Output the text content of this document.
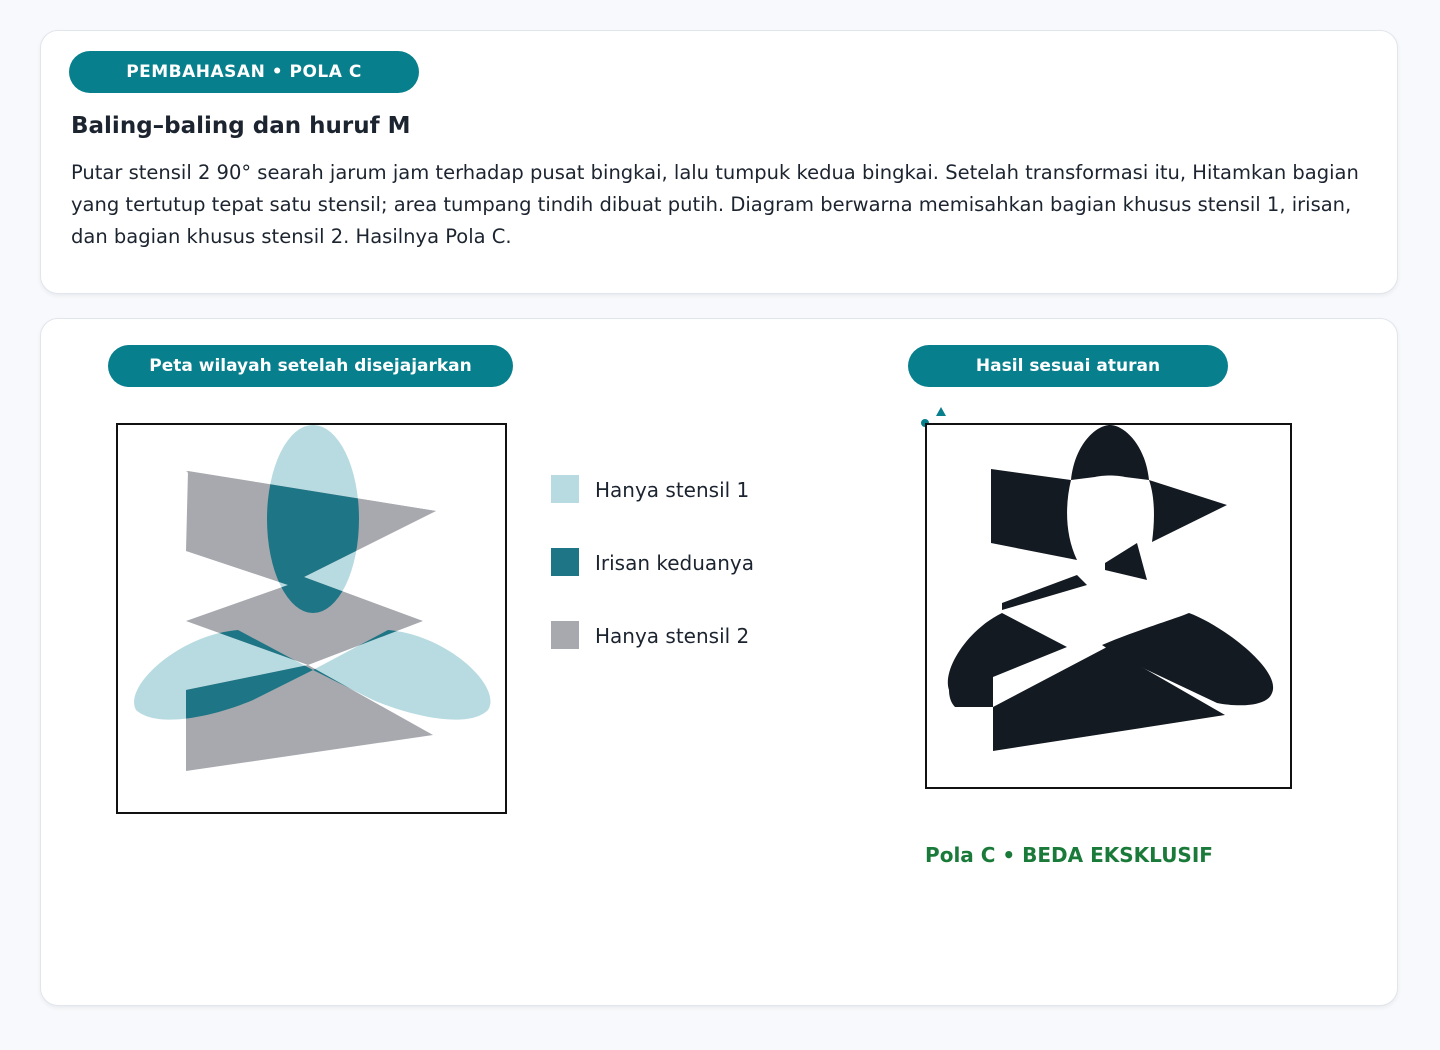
PEMBAHASAN • POLA C
Baling–baling dan huruf M
Putar stensil 2 90° searah jarum jam terhadap pusat bingkai, lalu tumpuk kedua bingkai. Setelah transformasi itu, Hitamkan bagian yang tertutup tepat satu stensil; area tumpang tindih dibuat putih. Diagram berwarna memisahkan bagian khusus stensil 1, irisan, dan bagian khusus stensil 2. Hasilnya Pola C.
Peta wilayah setelah disejajarkan	Hasil sesuai aturan
Hanya stensil 1
Irisan keduanya
Hanya stensil 2
Pola C • BEDA EKSKLUSIF
